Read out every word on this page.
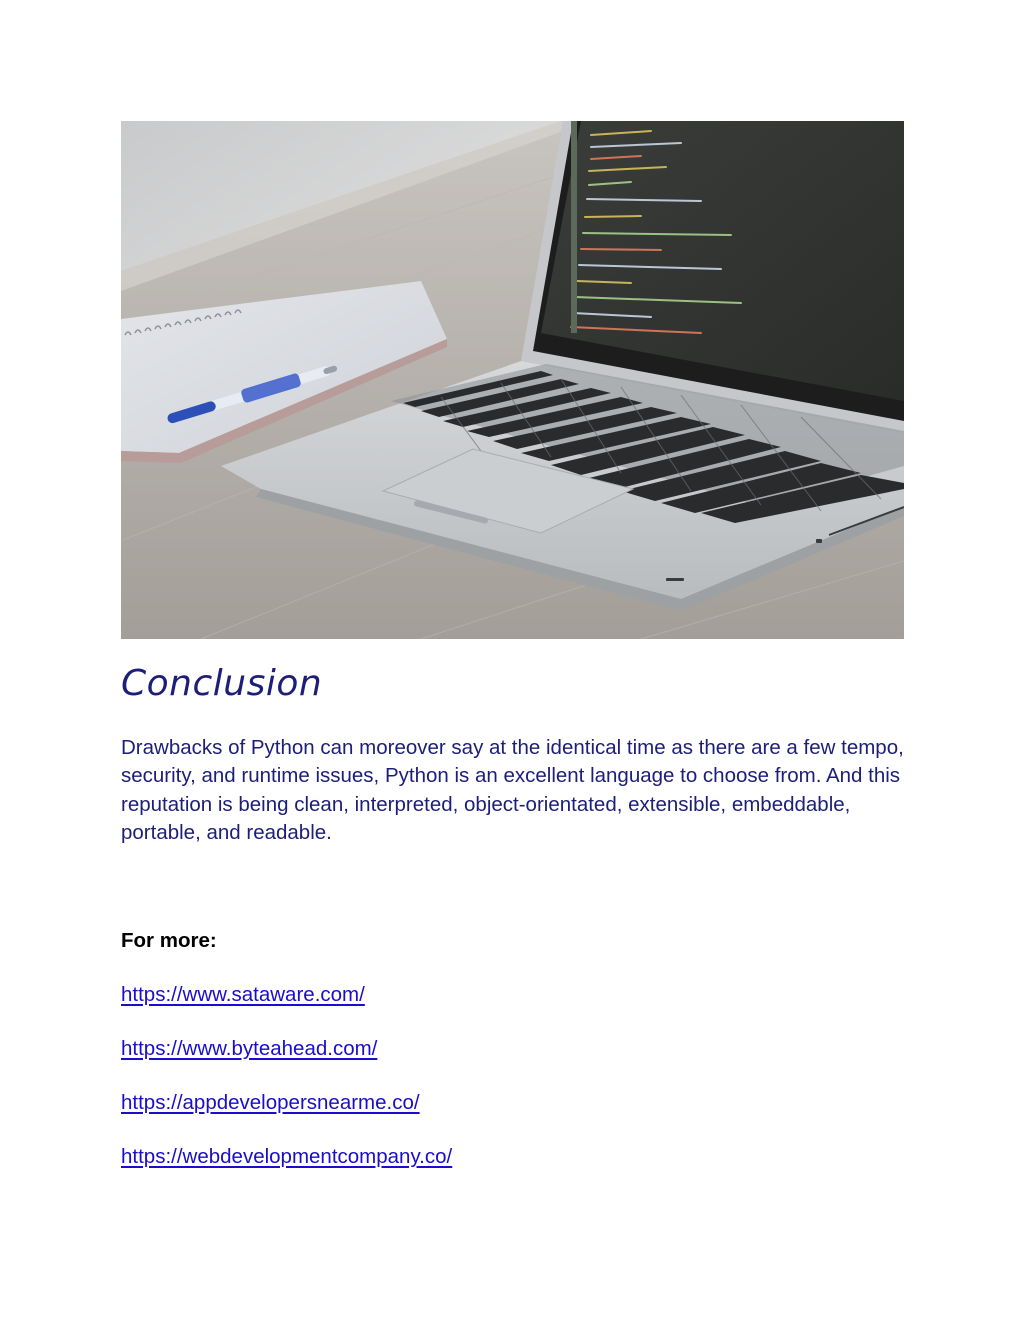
Conclusion

Drawbacks of Python can moreover say at the identical time as there are a few tempo, security, and runtime issues, Python is an excellent language to choose from. And this reputation is being clean, interpreted, object-orientated, extensible, embeddable, portable, and readable.

For more:

https://www.sataware.com/
https://www.byteahead.com/
https://appdevelopersnearme.co/
https://webdevelopmentcompany.co/
